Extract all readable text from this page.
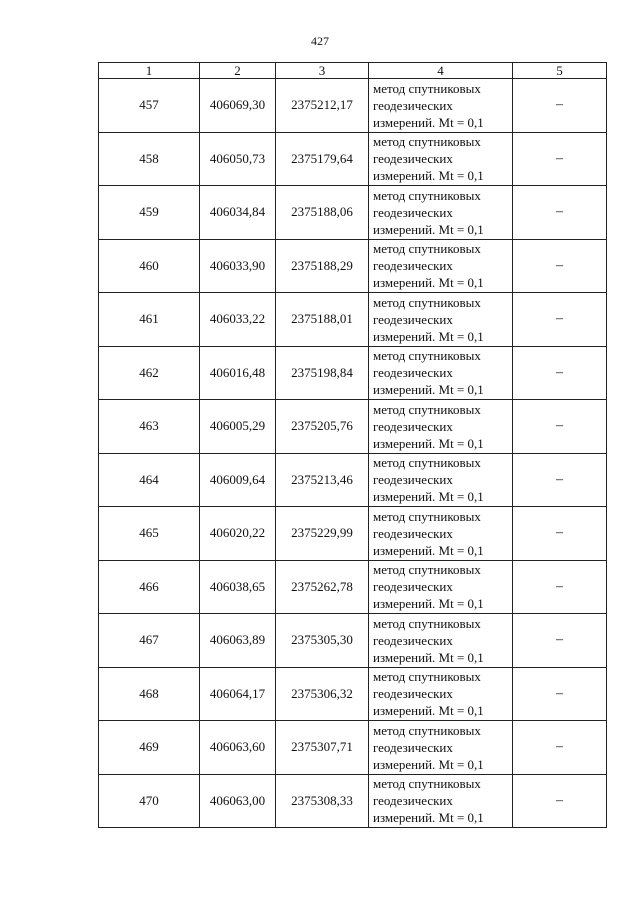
427
1	2	3	4	5
457	406069,30	2375212,17	метод спутниковых
геодезических
измерений. Mt = 0,1	–
458	406050,73	2375179,64	метод спутниковых
геодезических
измерений. Mt = 0,1	–
459	406034,84	2375188,06	метод спутниковых
геодезических
измерений. Mt = 0,1	–
460	406033,90	2375188,29	метод спутниковых
геодезических
измерений. Mt = 0,1	–
461	406033,22	2375188,01	метод спутниковых
геодезических
измерений. Mt = 0,1	–
462	406016,48	2375198,84	метод спутниковых
геодезических
измерений. Mt = 0,1	–
463	406005,29	2375205,76	метод спутниковых
геодезических
измерений. Mt = 0,1	–
464	406009,64	2375213,46	метод спутниковых
геодезических
измерений. Mt = 0,1	–
465	406020,22	2375229,99	метод спутниковых
геодезических
измерений. Mt = 0,1	–
466	406038,65	2375262,78	метод спутниковых
геодезических
измерений. Mt = 0,1	–
467	406063,89	2375305,30	метод спутниковых
геодезических
измерений. Mt = 0,1	–
468	406064,17	2375306,32	метод спутниковых
геодезических
измерений. Mt = 0,1	–
469	406063,60	2375307,71	метод спутниковых
геодезических
измерений. Mt = 0,1	–
470	406063,00	2375308,33	метод спутниковых
геодезических
измерений. Mt = 0,1	–
